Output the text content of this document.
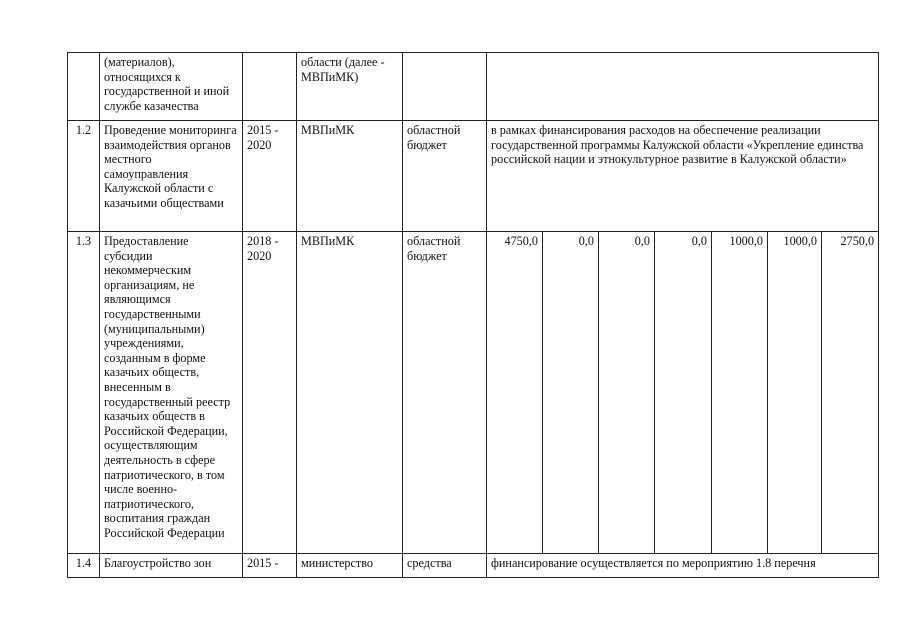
	(материалов), относящихся к государственной и иной службе казачества		области (далее - МВПиМК)								
1.2	Проведение мониторинга взаимодействия органов местного самоуправления Калужской области с казачьими обществами	2015 - 2020	МВПиМК	областной бюджет	в рамках финансирования расходов на обеспечение реализации государственной программы Калужской области «Укрепление единства российской нации и этнокультурное развитие в Калужской области»						
1.3	Предоставление субсидии некоммерческим организациям, не являющимся государственными (муниципальными) учреждениями, созданным в форме казачьих обществ, внесенным в государственный реестр казачьих обществ в Российской Федерации, осуществляющим деятельность в сфере патриотического, в том числе военно-патриотического, воспитания граждан Российской Федерации	2018 - 2020	МВПиМК	областной бюджет	4750,0	0,0	0,0	0,0	1000,0	1000,0	2750,0
1.4	Благоустройство зон	2015 -	министерство	средства	финансирование осуществляется по мероприятию 1.8 перечня						
